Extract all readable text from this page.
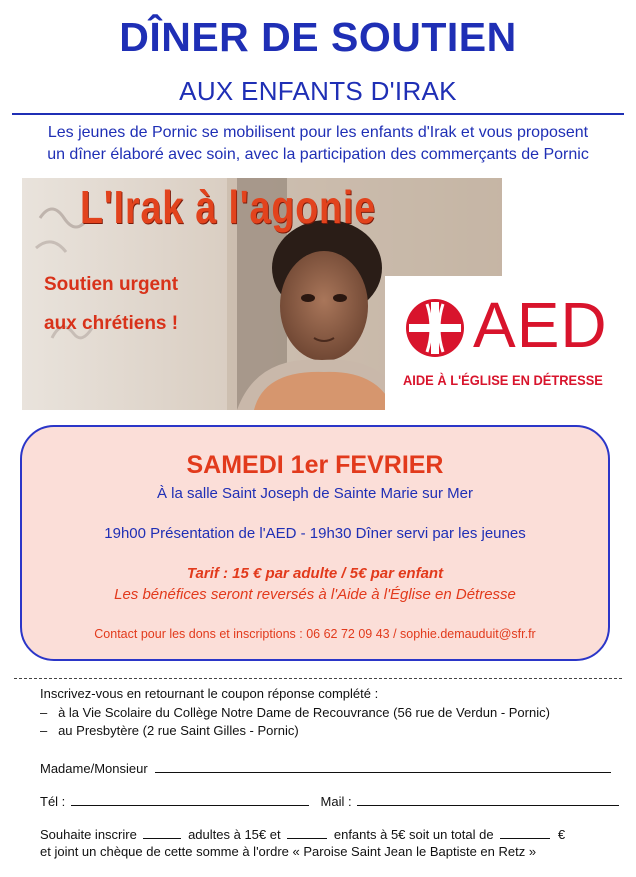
DÎNER DE SOUTIEN
AUX ENFANTS D'IRAK
Les jeunes de Pornic se mobilisent pour les enfants d'Irak et vous proposent
un dîner élaboré avec soin, avec la participation des commerçants de Pornic
L'Irak à l'agonie
Soutien urgent
aux chrétiens !	AED
AIDE À L'ÉGLISE EN DÉTRESSE
SAMEDI 1er FEVRIER
À la salle Saint Joseph de Sainte Marie sur Mer
19h00 Présentation de l'AED - 19h30 Dîner servi par les jeunes
Tarif : 15 € par adulte / 5€ par enfant
Les bénéfices seront reversés à l'Aide à l'Église en Détresse
Contact pour les dons et inscriptions : 06 62 72 09 43 / sophie.demauduit@sfr.fr
Inscrivez-vous en retournant le coupon réponse complété :
– à la Vie Scolaire du Collège Notre Dame de Recouvrance (56 rue de Verdun - Pornic)
– au Presbytère (2 rue Saint Gilles - Pornic)
Madame/Monsieur
Tél :	Mail :
Souhaite inscrire	adultes à 15€ et	enfants à 5€ soit un total de	€
et joint un chèque de cette somme à l'ordre « Paroise Saint Jean le Baptiste en Retz »
